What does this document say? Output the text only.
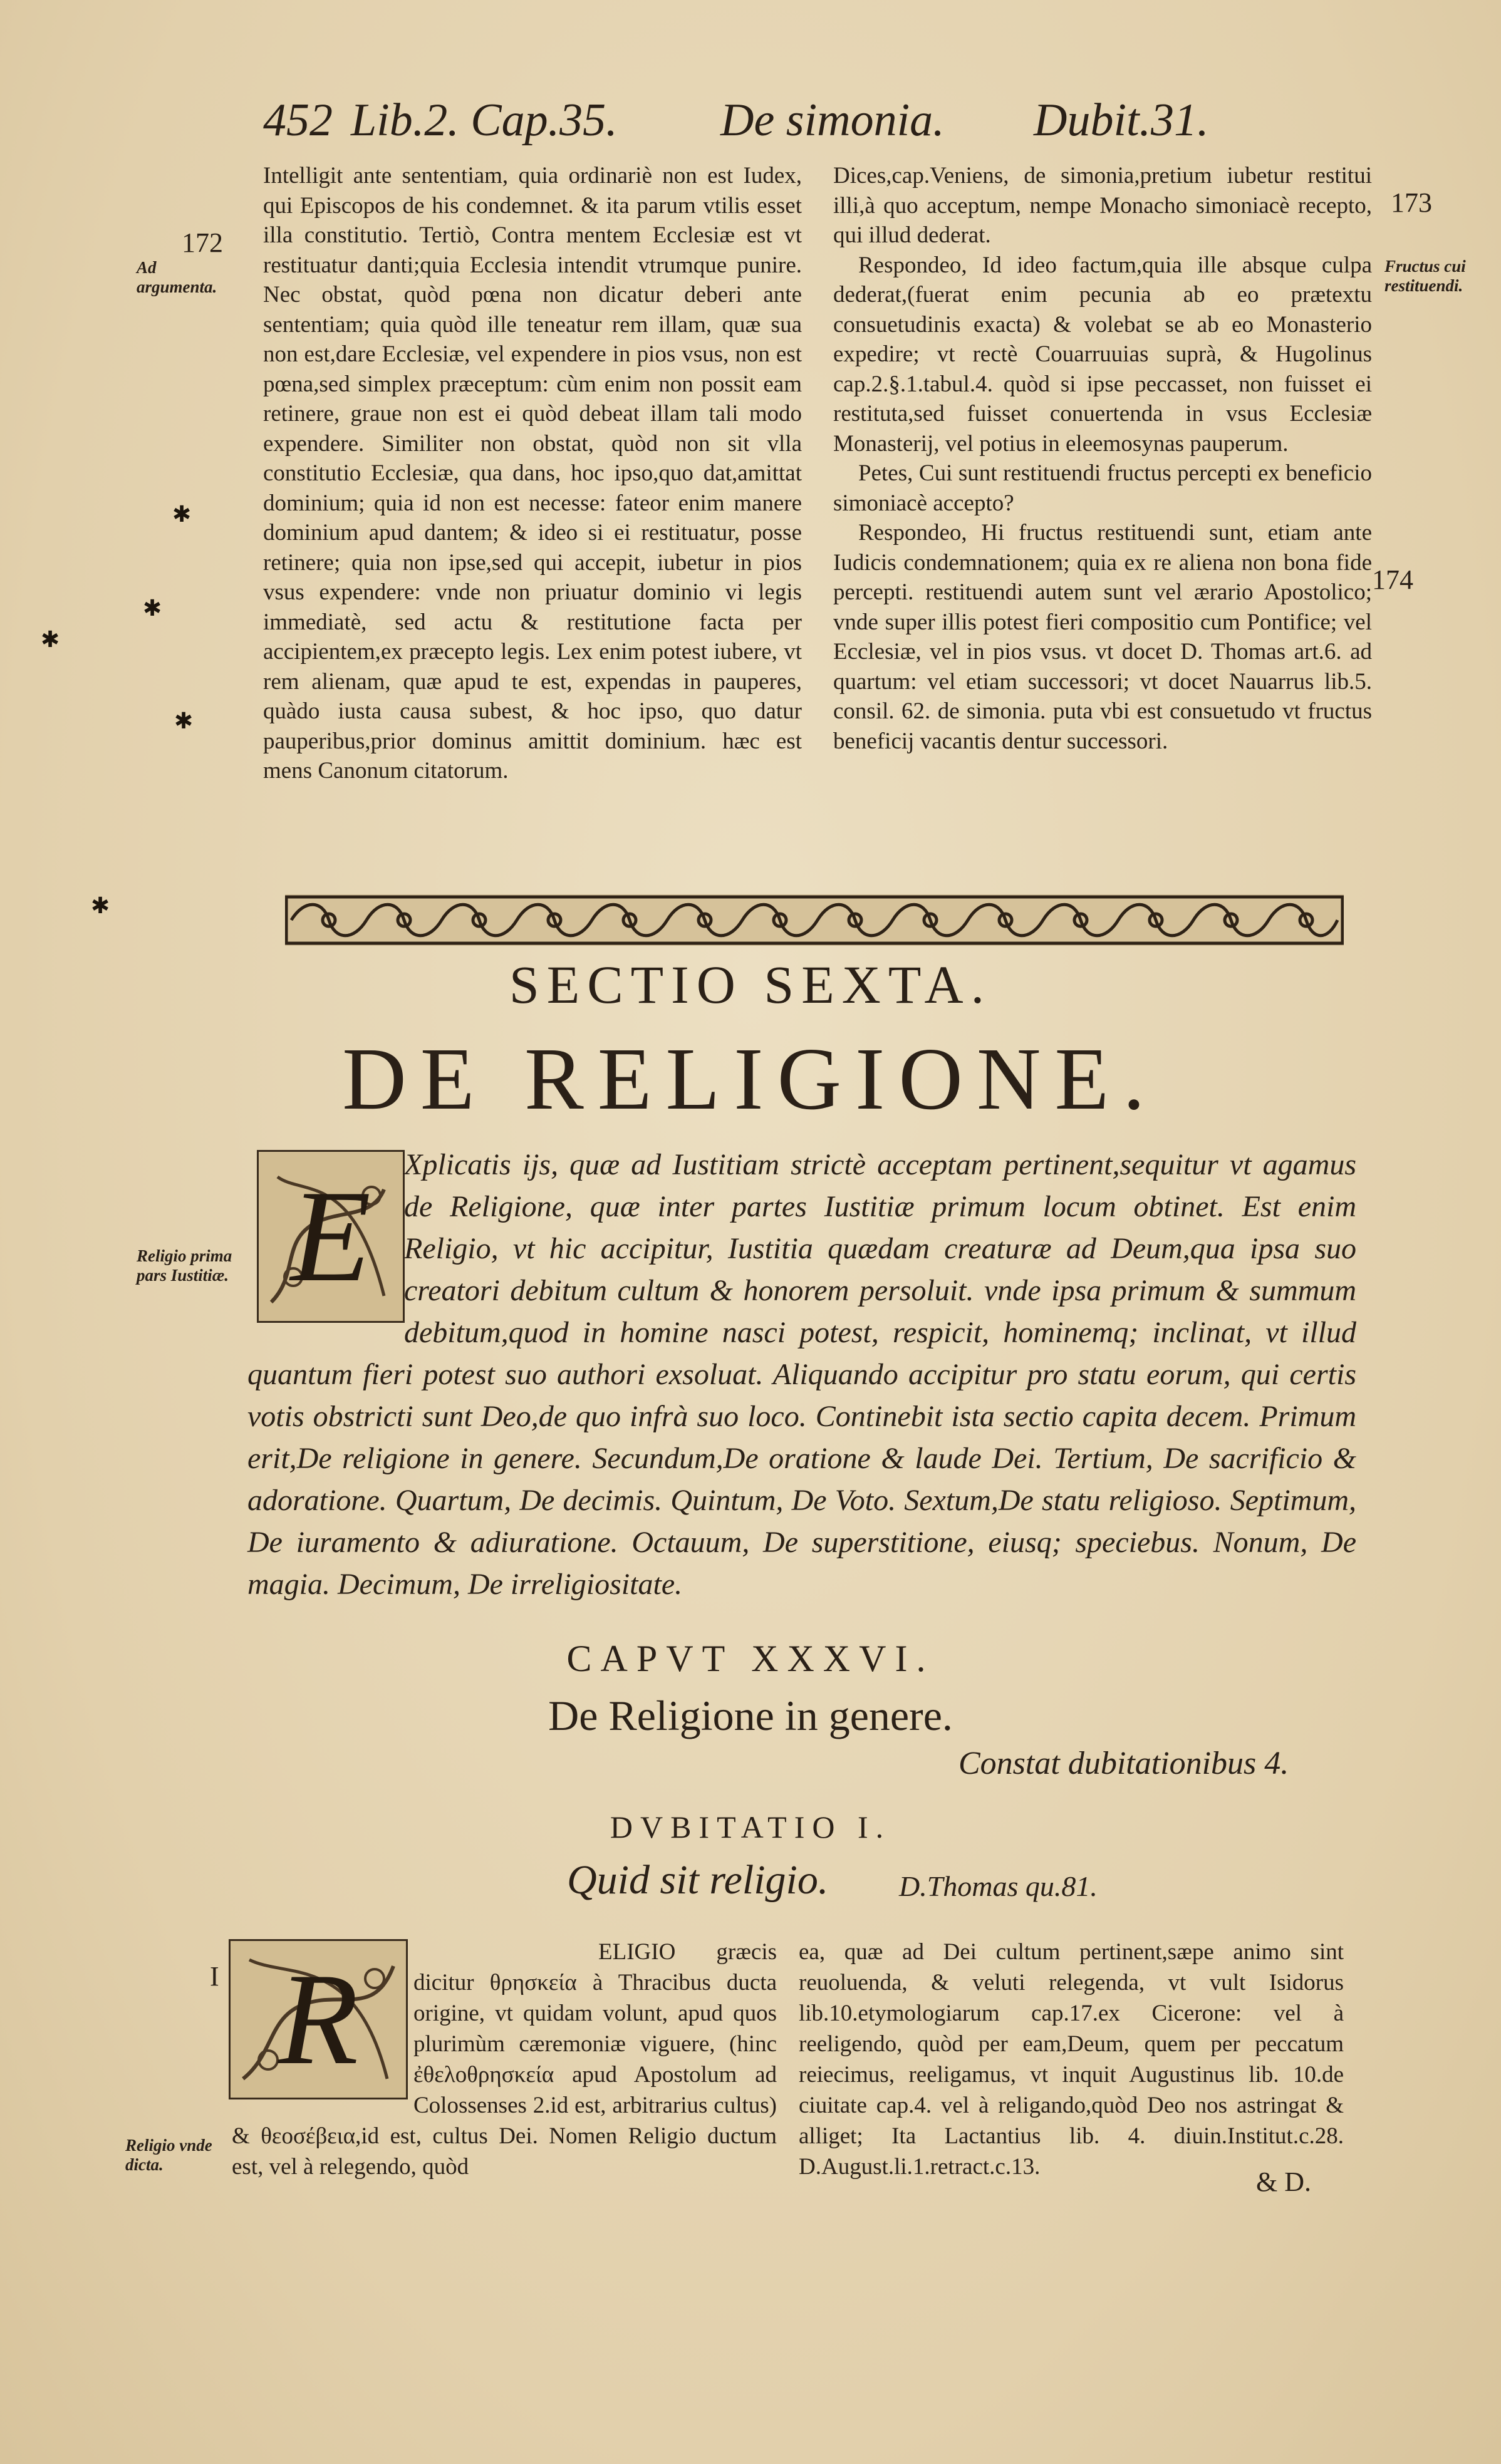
452 Lib.2. Cap.35. De simonia. Dubit.31.

Intelligit ante sententiam, quia ordinariè non est Iudex, qui Episcopos de his condemnet. & ita parum vtilis esset illa constitutio. Tertiò, Contra mentem Ecclesiæ est vt restituatur danti;quia Ecclesia intendit vtrumque punire. Nec obstat, quòd pœna non dicatur deberi ante sententiam; quia quòd ille teneatur rem illam, quæ sua non est,dare Ecclesiæ, vel expendere in pios vsus, non est pœna,sed simplex præceptum: cùm enim non possit eam retinere, graue non est ei quòd debeat illam tali modo expendere. Similiter non obstat, quòd non sit vlla constitutio Ecclesiæ, qua dans, hoc ipso,quo dat,amittat dominium; quia id non est necesse: fateor enim manere dominium apud dantem; & ideo si ei restituatur, posse retinere; quia non ipse,sed qui accepit, iubetur in pios vsus expendere: vnde non priuatur dominio vi legis immediatè, sed actu & restitutione facta per accipientem,ex præcepto legis. Lex enim potest iubere, vt rem alienam, quæ apud te est, expendas in pauperes, quàdo iusta causa subest, & hoc ipso, quo datur pauperibus,prior dominus amittit dominium. hæc est mens Canonum citatorum.

Dices,cap.Veniens, de simonia,pretium iubetur restitui illi,à quo acceptum, nempe Monacho simoniacè recepto, qui illud dederat.

Respondeo, Id ideo factum,quia ille absque culpa dederat,(fuerat enim pecunia ab eo prætextu consuetudinis exacta) & volebat se ab eo Monasterio expedire; vt rectè Couarruuias suprà, & Hugolinus cap.2.§.1.tabul.4. quòd si ipse peccasset, non fuisset ei restituta,sed fuisset conuertenda in vsus Ecclesiæ Monasterij, vel potius in eleemosynas pauperum.

Petes, Cui sunt restituendi fructus percepti ex beneficio simoniacè accepto?

Respondeo, Hi fructus restituendi sunt, etiam ante Iudicis condemnationem; quia ex re aliena non bona fide percepti. restituendi autem sunt vel ærario Apostolico; vnde super illis potest fieri compositio cum Pontifice; vel Ecclesiæ, vel in pios vsus. vt docet D. Thomas art.6. ad quartum: vel etiam successori; vt docet Nauarrus lib.5. consil. 62. de simonia. puta vbi est consuetudo vt fructus beneficij vacantis dentur successori.

172
Ad argumenta.
173
Fructus cui restituendi.
174
SECTIO SEXTA.
DE RELIGIONE.
E
Religio prima pars Iustitiæ.
Xplicatis ijs, quæ ad Iustitiam strictè acceptam pertinent,sequitur vt agamus de Religione, quæ inter partes Iustitiæ primum locum obtinet. Est enim Religio, vt hic accipitur, Iustitia quædam creaturæ ad Deum,qua ipsa suo creatori debitum cultum & honorem persoluit. vnde ipsa primum & summum debitum,quod in homine nasci potest, respicit, hominemq; inclinat, vt illud quantum fieri potest suo authori exsoluat. Aliquando accipitur pro statu eorum, qui certis votis obstricti sunt Deo,de quo infrà suo loco. Continebit ista sectio capita decem. Primum erit,De religione in genere. Secundum,De oratione & laude Dei. Tertium, De sacrificio & adoratione. Quartum, De decimis. Quintum, De Voto. Sextum,De statu religioso. Septimum, De iuramento & adiuratione. Octauum, De superstitione, eiusq; speciebus. Nonum, De magia. Decimum, De irreligiositate.
CAPVT XXXVI.
De Religione in genere.
Constat dubitationibus 4.
DVBITATIO I.
Quid sit religio. D.Thomas qu.81.
R
I
Religio vnde dicta.

ELIGIO græcis dicitur θρησκεία à Thracibus ducta origine, vt quidam volunt, apud quos plurimùm cæremoniæ viguere, (hinc ἐθελοθρησκεία apud Apostolum ad Colossenses 2.id est, arbitrarius cultus) & θεοσέβεια,id est, cultus Dei. Nomen Religio ductum est, vel à relegendo, quòd

ea, quæ ad Dei cultum pertinent,sæpe animo sint reuoluenda, & veluti relegenda, vt vult Isidorus lib.10.etymologiarum cap.17.ex Cicerone: vel à reeligendo, quòd per eam,Deum, quem per peccatum reiecimus, reeligamus, vt inquit Augustinus lib. 10.de ciuitate cap.4. vel à religando,quòd Deo nos astringat & alliget; Ita Lactantius lib. 4. diuin.Institut.c.28. D.August.li.1.retract.c.13.	& D.
✱
✱
✱
✱
✱
